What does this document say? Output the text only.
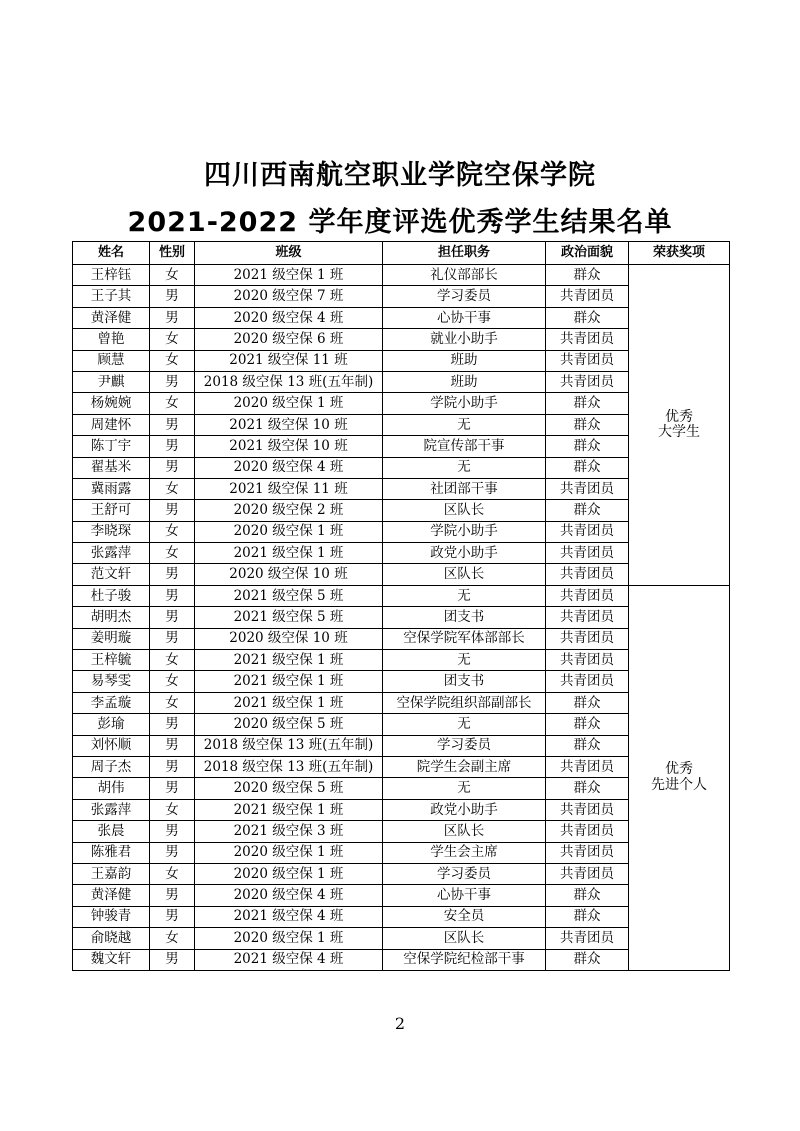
四川西南航空职业学院空保学院
2021-2022 学年度评选优秀学生结果名单
姓名	性别	班级	担任职务	政治面貌	荣获奖项
王梓钰	女	2021 级空保 1 班	礼仪部部长	群众	优秀
大学生
王子其	男	2020 级空保 7 班	学习委员	共青团员	
黄泽健	男	2020 级空保 4 班	心协干事	群众	
曾艳	女	2020 级空保 6 班	就业小助手	共青团员	
顾慧	女	2021 级空保 11 班	班助	共青团员	
尹麒	男	2018 级空保 13 班(五年制)	班助	共青团员	
杨婉婉	女	2020 级空保 1 班	学院小助手	群众	
周建怀	男	2021 级空保 10 班	无	群众	
陈丁宇	男	2021 级空保 10 班	院宣传部干事	群众	
翟基米	男	2020 级空保 4 班	无	群众	
冀雨露	女	2021 级空保 11 班	社团部干事	共青团员	
王舒可	男	2020 级空保 2 班	区队长	群众	
李晓琛	女	2020 级空保 1 班	学院小助手	共青团员	
张露萍	女	2021 级空保 1 班	政党小助手	共青团员	
范文轩	男	2020 级空保 10 班	区队长	共青团员	
杜子骏	男	2021 级空保 5 班	无	共青团员	优秀
先进个人
胡明杰	男	2021 级空保 5 班	团支书	共青团员	
姜明璇	男	2020 级空保 10 班	空保学院军体部部长	共青团员	
王梓毓	女	2021 级空保 1 班	无	共青团员	
易琴雯	女	2021 级空保 1 班	团支书	共青团员	
李孟璇	女	2021 级空保 1 班	空保学院组织部副部长	群众	
彭瑜	男	2020 级空保 5 班	无	群众	
刘怀顺	男	2018 级空保 13 班(五年制)	学习委员	群众	
周子杰	男	2018 级空保 13 班(五年制)	院学生会副主席	共青团员	
胡伟	男	2020 级空保 5 班	无	群众	
张露萍	女	2021 级空保 1 班	政党小助手	共青团员	
张晨	男	2021 级空保 3 班	区队长	共青团员	
陈雅君	男	2020 级空保 1 班	学生会主席	共青团员	
王嘉韵	女	2020 级空保 1 班	学习委员	共青团员	
黄泽健	男	2020 级空保 4 班	心协干事	群众	
钟骏青	男	2021 级空保 4 班	安全员	群众	
俞晓越	女	2020 级空保 1 班	区队长	共青团员	
魏文轩	男	2021 级空保 4 班	空保学院纪检部干事	群众	
2
